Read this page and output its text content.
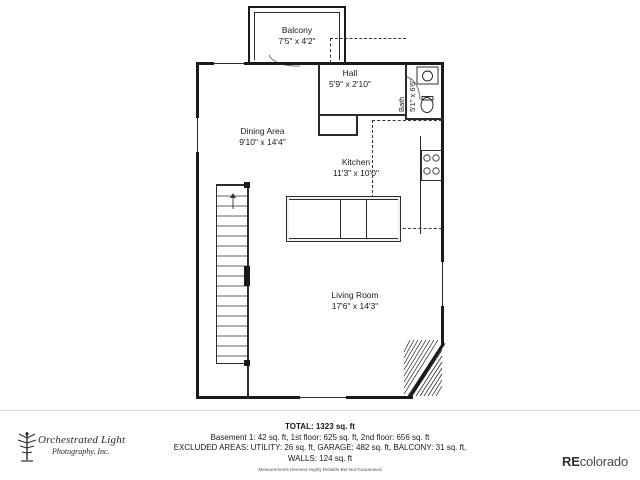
Balcony
7'5" x 4'2"
Bath 5'1" x 6'6"
Hall
5'9" x 2'10"
Dining Area
9'10" x 14'4"
Kitchen
11'3" x 10'0"
Living Room
17'6" x 14'3"
Orchestrated Light
Photography, Inc.
TOTAL: 1323 sq. ft
Basement 1: 42 sq. ft, 1st floor: 625 sq. ft, 2nd floor: 656 sq. ft
EXCLUDED AREAS: UTILITY: 26 sq. ft, GARAGE: 482 sq. ft, BALCONY: 31 sq. ft,
WALLS: 124 sq. ft
Measurements Deemed Highly Reliable But Not Guaranteed
REcolorado
